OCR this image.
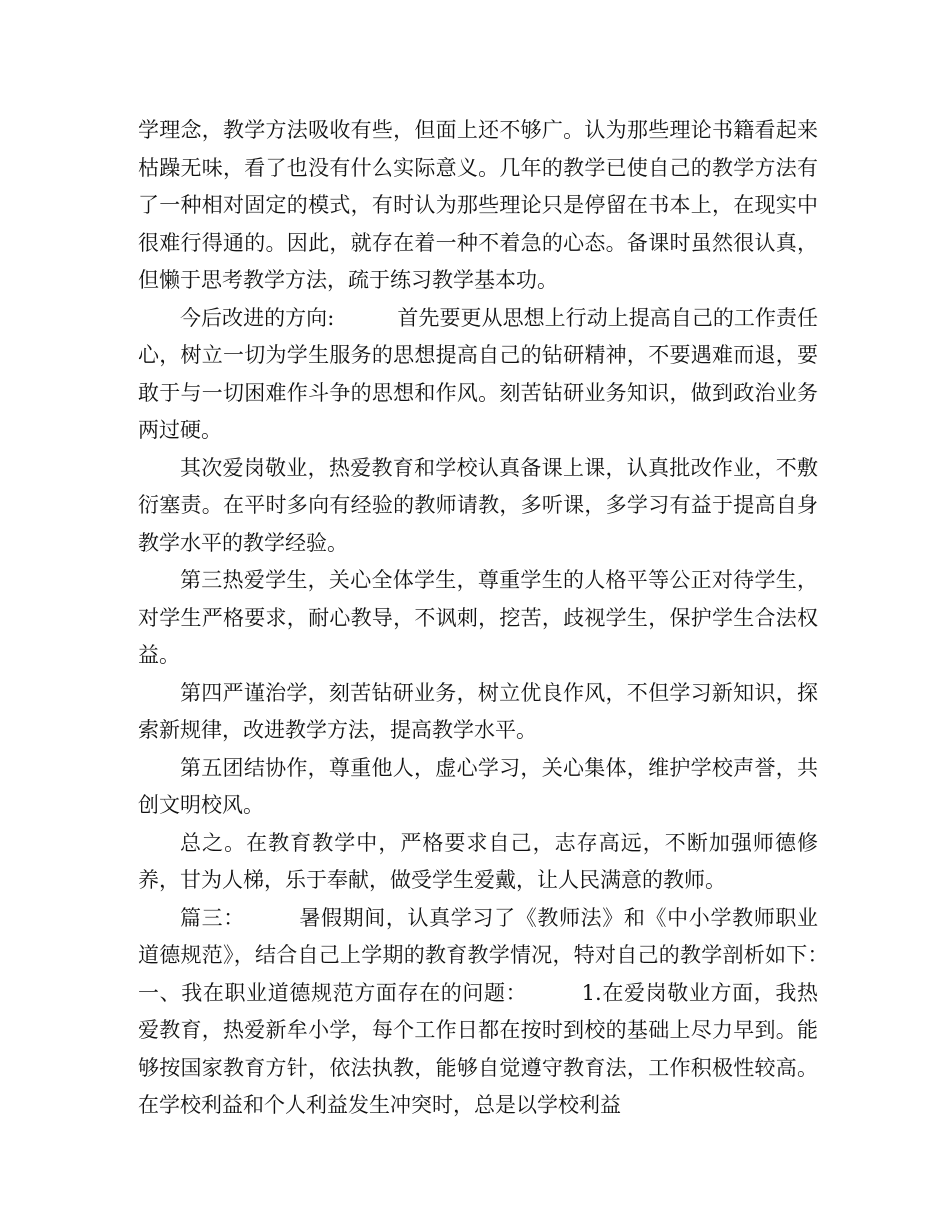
学理念，教学方法吸收有些，但面上还不够广。认为那些理论书籍看起来枯躁无味，看了也没有什么实际意义。几年的教学已使自己的教学方法有了一种相对固定的模式，有时认为那些理论只是停留在书本上，在现实中很难行得通的。因此，就存在着一种不着急的心态。备课时虽然很认真，但懒于思考教学方法，疏于练习教学基本功。

今后改进的方向:　　　首先要更从思想上行动上提高自己的工作责任心，树立一切为学生服务的思想提高自己的钻研精神，不要遇难而退，要敢于与一切困难作斗争的思想和作风。刻苦钻研业务知识，做到政治业务两过硬。

其次爱岗敬业，热爱教育和学校认真备课上课，认真批改作业，不敷衍塞责。在平时多向有经验的教师请教，多听课，多学习有益于提高自身教学水平的教学经验。

第三热爱学生，关心全体学生，尊重学生的人格平等公正对待学生，对学生严格要求，耐心教导，不讽刺，挖苦，歧视学生，保护学生合法权益。

第四严谨治学，刻苦钻研业务，树立优良作风，不但学习新知识，探索新规律，改进教学方法，提高教学水平。

第五团结协作，尊重他人，虚心学习，关心集体，维护学校声誉，共创文明校风。

总之。在教育教学中，严格要求自己，志存高远，不断加强师德修养，甘为人梯，乐于奉献，做受学生爱戴，让人民满意的教师。

篇三：　　　暑假期间，认真学习了《教师法》和《中小学教师职业道德规范》，结合自己上学期的教育教学情况，特对自己的教学剖析如下：　　　一、我在职业道德规范方面存在的问题：　　　1.在爱岗敬业方面，我热爱教育，热爱新牟小学，每个工作日都在按时到校的基础上尽力早到。能够按国家教育方针，依法执教，能够自觉遵守教育法，工作积极性较高。在学校利益和个人利益发生冲突时，总是以学校利益
